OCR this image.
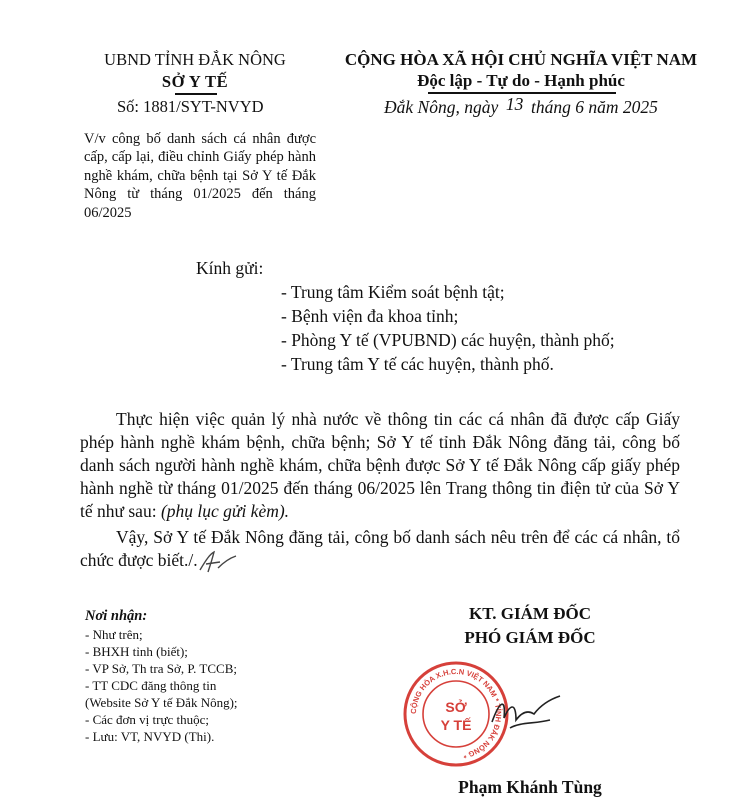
UBND TỈNH ĐẮK NÔNG
SỞ Y TẾ
Số: 1881/SYT-NVYD
V/v công bố danh sách cá nhân được cấp, cấp lại, điều chỉnh Giấy phép hành nghề khám, chữa bệnh tại Sở Y tế Đắk Nông từ tháng 01/2025 đến tháng 06/2025
CỘNG HÒA XÃ HỘI CHỦ NGHĨA VIỆT NAM
Độc lập - Tự do - Hạnh phúc
Đắk Nông, ngày 13 tháng 6 năm 2025
Kính gửi:
- Trung tâm Kiểm soát bệnh tật;
- Bệnh viện đa khoa tỉnh;
- Phòng Y tế (VPUBND) các huyện, thành phố;
- Trung tâm Y tế các huyện, thành phố.
Thực hiện việc quản lý nhà nước về thông tin các cá nhân đã được cấp Giấy phép hành nghề khám bệnh, chữa bệnh; Sở Y tế tỉnh Đắk Nông đăng tải, công bố danh sách người hành nghề khám, chữa bệnh được Sở Y tế Đắk Nông cấp giấy phép hành nghề từ tháng 01/2025 đến tháng 06/2025 lên Trang thông tin điện tử của Sở Y tế như sau: (phụ lục gửi kèm).
Vậy, Sở Y tế Đắk Nông đăng tải, công bố danh sách nêu trên để các cá nhân, tổ chức được biết./.
Nơi nhận:
- Như trên;
- BHXH tỉnh (biết);
- VP Sở, Th tra Sở, P. TCCB;
- TT CDC đăng thông tin
(Website Sở Y tế Đắk Nông);
- Các đơn vị trực thuộc;
- Lưu: VT, NVYD (Thi).
KT. GIÁM ĐỐC
PHÓ GIÁM ĐỐC
CỘNG HÒA X.H.C.N VIỆT NAM * TỈNH ĐẮK NÔNG *
SỞ
Y TẾ
Phạm Khánh Tùng
